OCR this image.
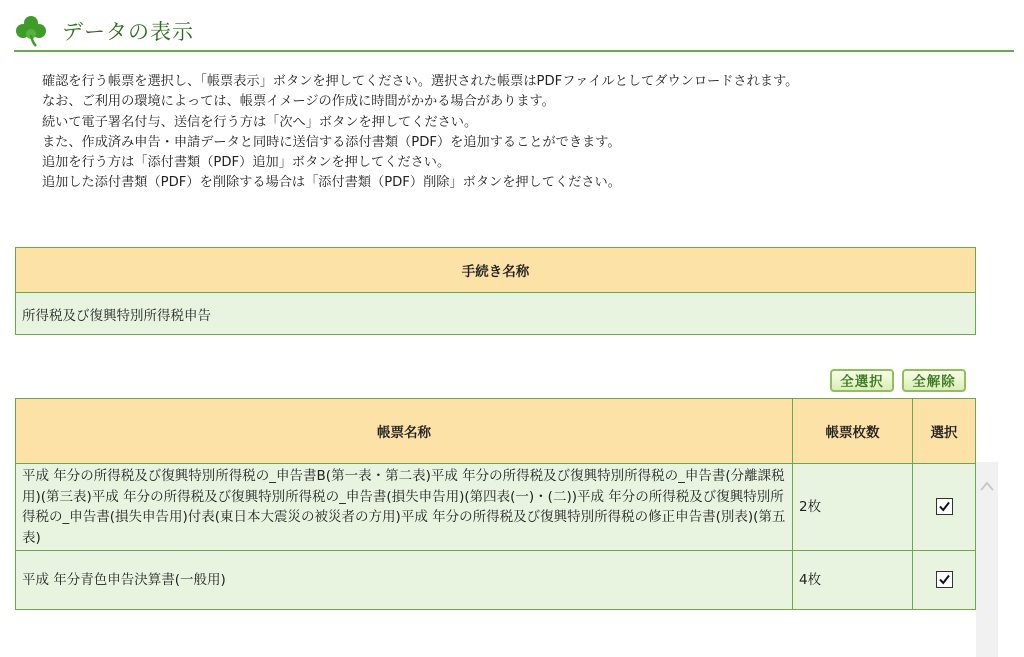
データの表示
確認を行う帳票を選択し、「帳票表示」ボタンを押してください。選択された帳票はPDFファイルとしてダウンロードされます。
なお、ご利用の環境によっては、帳票イメージの作成に時間がかかる場合があります。
続いて電子署名付与、送信を行う方は「次へ」ボタンを押してください。
また、作成済み申告・申請データと同時に送信する添付書類（PDF）を追加することができます。
追加を行う方は「添付書類（PDF）追加」ボタンを押してください。
追加した添付書類（PDF）を削除する場合は「添付書類（PDF）削除」ボタンを押してください。
手続き名称
所得税及び復興特別所得税申告
全選択	全解除
帳票名称	帳票枚数	選択
平成 年分の所得税及び復興特別所得税の_申告書B(第一表・第二表)平成 年分の所得税及び復興特別所得税の_申告書(分離課税用)(第三表)平成 年分の所得税及び復興特別所得税の_申告書(損失申告用)(第四表(一)・(二))平成 年分の所得税及び復興特別所得税の_申告書(損失申告用)付表(東日本大震災の被災者の方用)平成 年分の所得税及び復興特別所得税の修正申告書(別表)(第五表)	2枚	

平成 年分青色申告決算書(一般用)	4枚	
